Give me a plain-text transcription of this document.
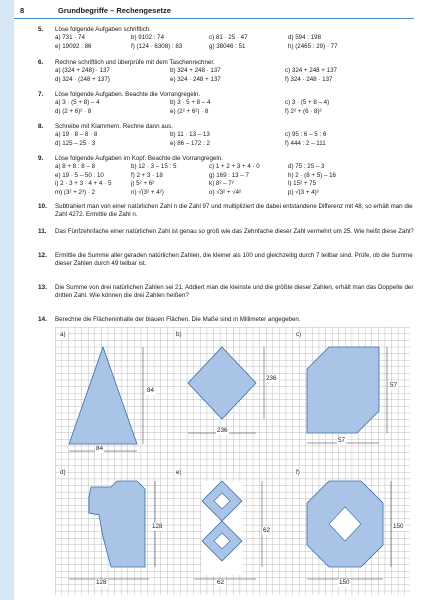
8	Grundbegriffe – Rechengesetze
5. Löse folgende Aufgaben schriftlich.
a) 731 · 74	b) 9102 : 74	c) 81 · 25 · 47	d) 594 : 198
e) 19092 : 86	f) (124 · 6308) : 83	g) 38046 : 51	h) (2465 : 29) · 77
6. Rechne schriftlich und überprüfe mit dem Taschenrechner.
a) (324 + 248) · 137	b) 324 + 248 · 137	c) 324 + 248 + 137
d) 324 · (248 + 137)	e) 324 · 248 + 137	f) 324 · 248 · 137
7. Löse folgende Aufgaben. Beachte die Vorrangregeln.
a) 3 · (5 + 8) – 4	b) 3 · 5 + 8 – 4	c) 3 · (5 + 8 – 4)
d) (2 + 6)² · 8	e) (2² + 6²) · 8	f) 2² + (6 · 8)²
8. Schreibe mit Klammern. Rechne dann aus.
a) 19 · 8 – 8 · 8	b) 11 · 13 – 13	c) 95 : 6 – 5 : 6
d) 125 – 25 · 3	e) 86 – 172 : 2	f) 444 : 2 – 111
9. Löse folgende Aufgaben im Kopf. Beachte die Vorrangregeln.
a) 8 + 8 : 8 – 8	b) 12 · 3 – 15 : 5	c) 1 + 2 + 3 + 4 · 0	d) 75 : 25 – 3
e) 19 · 5 – 50 : 10	f) 2 + 3 · 18	g) 169 : 13 – 7	h) 2 · (8 + 5) – 16
i) 2 · 3 + 3 · 4 + 4 · 5	j) 5² + 6²	k) 8² – 7²	l) 15² + 75
m) (3² + 2³) · 2	n) √(3² + 4²)	o) √3² + √4²	p) √(3 + 4)²
10. Subtrahiert man von einer natürlichen Zahl n die Zahl 97 und multipliziert die dabei entstandene Differenz mit 48, so erhält man die Zahl 4272. Ermittle die Zahl n.
11. Das Fünfzehnfache einer natürlichen Zahl ist genau so groß wie das Zehnfache dieser Zahl vermehrt um 25. Wie heißt diese Zahl?
12. Ermittle die Summe aller geraden natürlichen Zahlen, die kleiner als 100 und gleichzeitig durch 7 teilbar sind. Prüfe, ob die Summe dieser Zahlen durch 49 teilbar ist.
13. Die Summe von drei natürlichen Zahlen sei 21. Addiert man die kleinste und die größte dieser Zahlen, erhält man das Doppelte der dritten Zahl. Wie können die drei Zahlen heißen?
14. Berechne die Flächeninhalte der blauen Flächen. Die Maße sind in Millimeter angegeben.
a)
84
84
b)
236
236
c)
57
57
d)
128
128
e)
62
62
f)
150
150
